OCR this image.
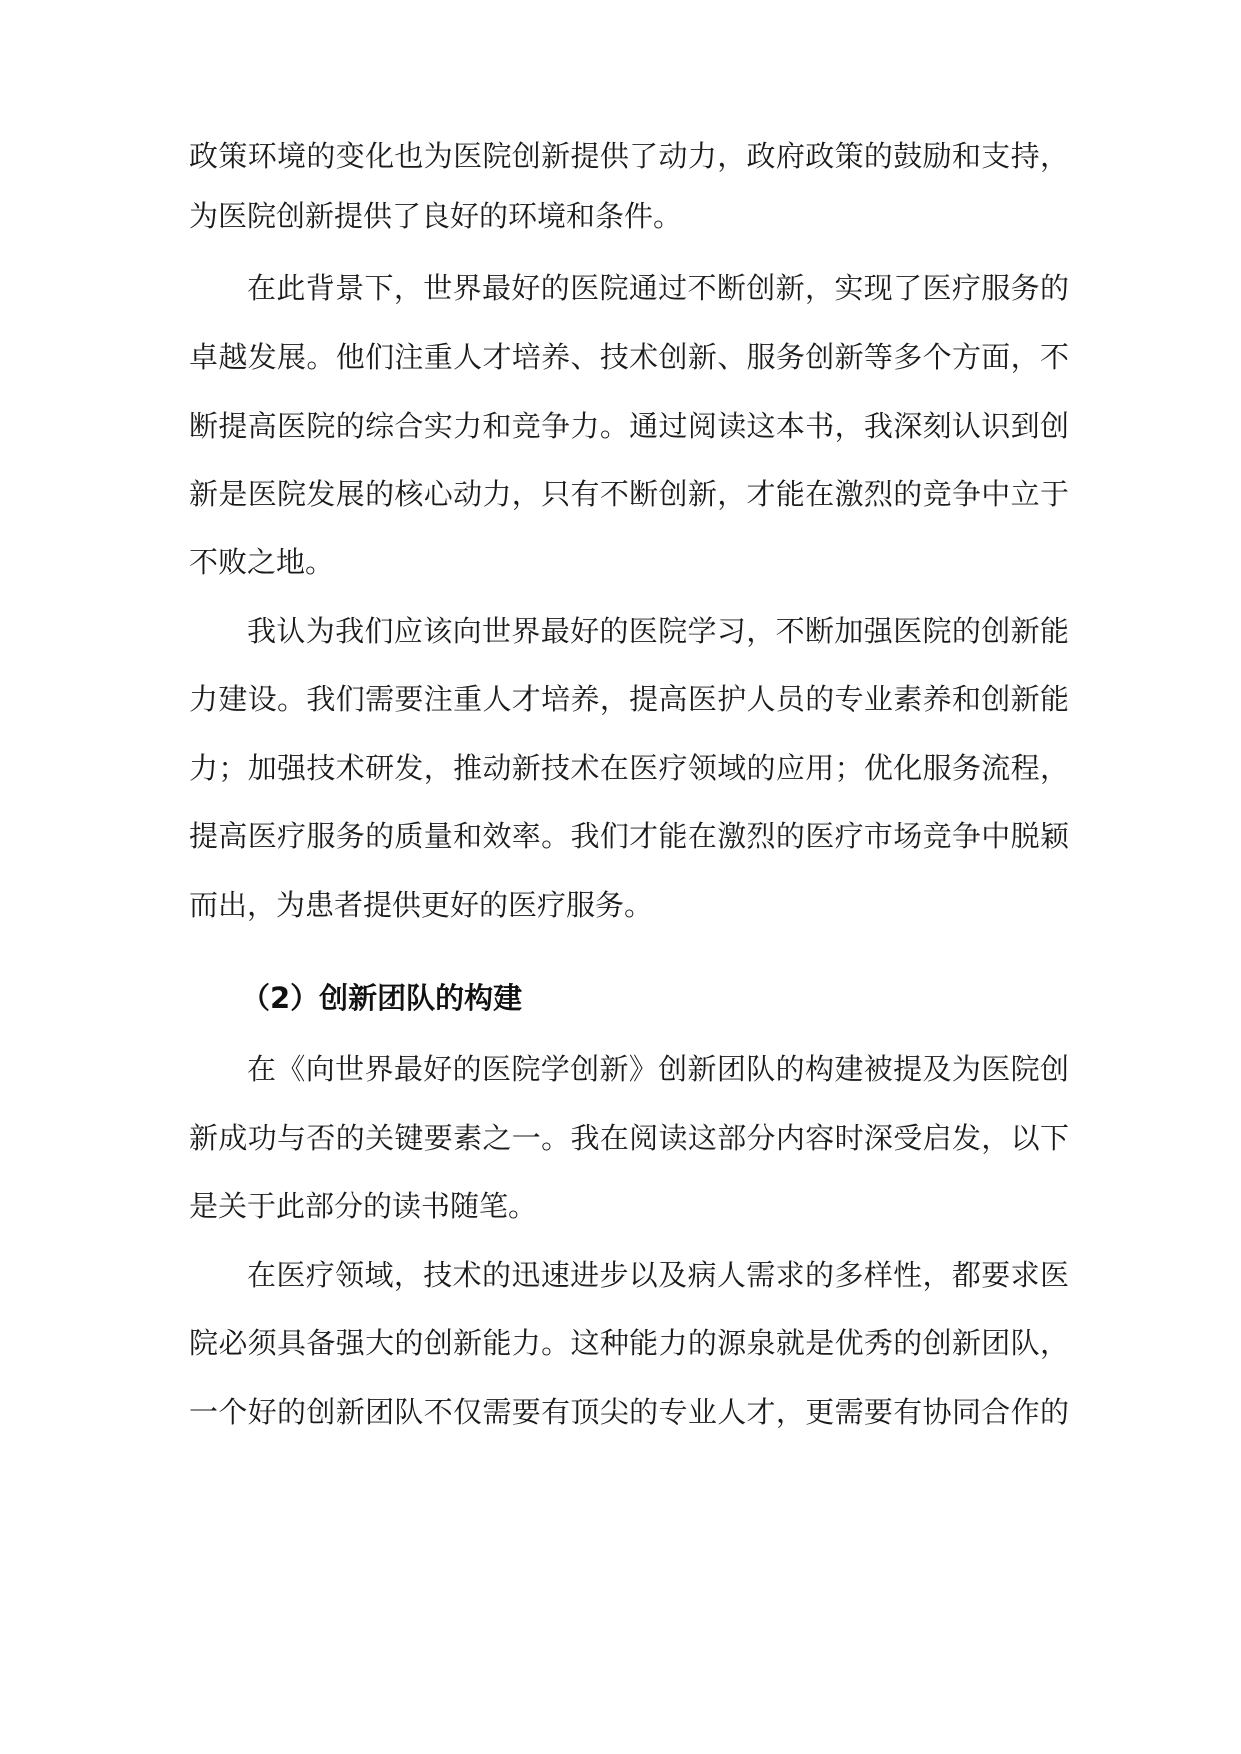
政策环境的变化也为医院创新提供了动力，政府政策的鼓励和支持，
为医院创新提供了良好的环境和条件。
在此背景下，世界最好的医院通过不断创新，实现了医疗服务的
卓越发展。他们注重人才培养、技术创新、服务创新等多个方面，不
断提高医院的综合实力和竞争力。通过阅读这本书，我深刻认识到创
新是医院发展的核心动力，只有不断创新，才能在激烈的竞争中立于
不败之地。
我认为我们应该向世界最好的医院学习，不断加强医院的创新能
力建设。我们需要注重人才培养，提高医护人员的专业素养和创新能
力；加强技术研发，推动新技术在医疗领域的应用；优化服务流程，
提高医疗服务的质量和效率。我们才能在激烈的医疗市场竞争中脱颖
而出，为患者提供更好的医疗服务。
（2）创新团队的构建
在《向世界最好的医院学创新》创新团队的构建被提及为医院创
新成功与否的关键要素之一。我在阅读这部分内容时深受启发，以下
是关于此部分的读书随笔。
在医疗领域，技术的迅速进步以及病人需求的多样性，都要求医
院必须具备强大的创新能力。这种能力的源泉就是优秀的创新团队，
一个好的创新团队不仅需要有顶尖的专业人才，更需要有协同合作的
